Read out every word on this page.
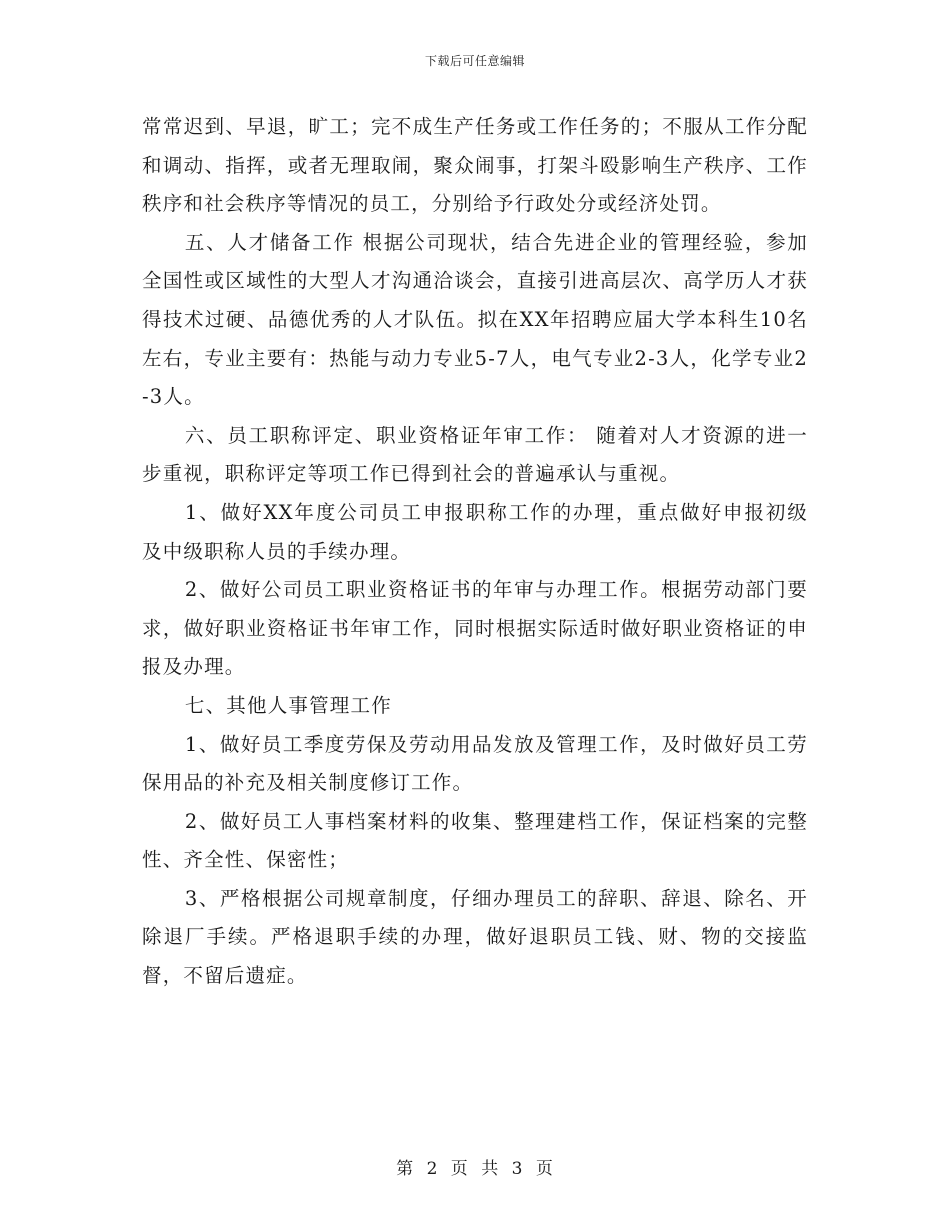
下载后可任意编辑

常常迟到、早退，旷工；完不成生产任务或工作任务的；不服从工作分配和调动、指挥，或者无理取闹，聚众闹事，打架斗殴影响生产秩序、工作秩序和社会秩序等情况的员工，分别给予行政处分或经济处罚。

五、人才储备工作 根据公司现状，结合先进企业的管理经验，参加全国性或区域性的大型人才沟通洽谈会，直接引进高层次、高学历人才获得技术过硬、品德优秀的人才队伍。拟在XX年招聘应届大学本科生10名左右，专业主要有：热能与动力专业5-7人，电气专业2-3人，化学专业2-3人。

六、员工职称评定、职业资格证年审工作： 随着对人才资源的进一步重视，职称评定等项工作已得到社会的普遍承认与重视。

1、做好XX年度公司员工申报职称工作的办理，重点做好申报初级及中级职称人员的手续办理。

2、做好公司员工职业资格证书的年审与办理工作。根据劳动部门要求，做好职业资格证书年审工作，同时根据实际适时做好职业资格证的申报及办理。

七、其他人事管理工作

1、做好员工季度劳保及劳动用品发放及管理工作，及时做好员工劳保用品的补充及相关制度修订工作。

2、做好员工人事档案材料的收集、整理建档工作，保证档案的完整性、齐全性、保密性；

3、严格根据公司规章制度，仔细办理员工的辞职、辞退、除名、开除退厂手续。严格退职手续的办理，做好退职员工钱、财、物的交接监督，不留后遗症。

第 2 页 共 3 页
